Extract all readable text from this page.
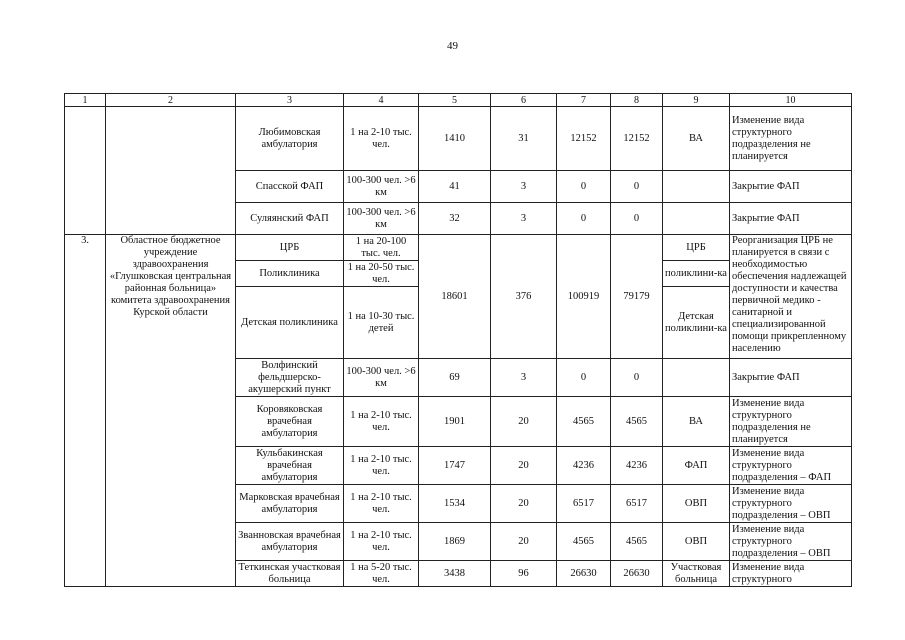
49
1	2	3	4	5	6	7	8	9	10
		Любимовская амбулатория	1 на 2-10 тыс. чел.	1410	31	12152	12152	ВА	Изменение вида структурного подразделения не планируется
		Спасской ФАП	100-300 чел. >6 км	41	3	0	0		Закрытие ФАП
		Суляянский ФАП	100-300 чел. >6 км	32	3	0	0		Закрытие ФАП
3.	Областное бюджетное учреждение здравоохранения «Глушковская центральная районная больница» комитета здравоохранения Курской области	ЦРБ	1 на 20-100 тыс. чел.	18601	376	100919	79179	ЦРБ	Реорганизация ЦРБ не планируется в связи с необходимостью обеспечения надлежащей доступности и качества первичной медико - санитарной и специализированной помощи прикрепленному населению
		Поликлиника	1 на 20-50 тыс. чел.					поликлини-ка	
		Детская поликлиника	1 на 10-30 тыс. детей					Детская поликлини-ка	
		Волфинский фельдшерско-акушерский пункт	100-300 чел. >6 км	69	3	0	0		Закрытие ФАП
		Коровяковская врачебная амбулатория	1 на 2-10 тыс. чел.	1901	20	4565	4565	ВА	Изменение вида структурного подразделения не планируется
		Кульбакинская врачебная амбулатория	1 на 2-10 тыс. чел.	1747	20	4236	4236	ФАП	Изменение вида структурного подразделения – ФАП
		Марковская врачебная амбулатория	1 на 2-10 тыс. чел.	1534	20	6517	6517	ОВП	Изменение вида структурного подразделения – ОВП
		Званновская врачебная амбулатория	1 на 2-10 тыс. чел.	1869	20	4565	4565	ОВП	Изменение вида структурного подразделения – ОВП
		Теткинская участковая больница	1 на 5-20 тыс. чел.	3438	96	26630	26630	Участковая больница	Изменение вида структурного
